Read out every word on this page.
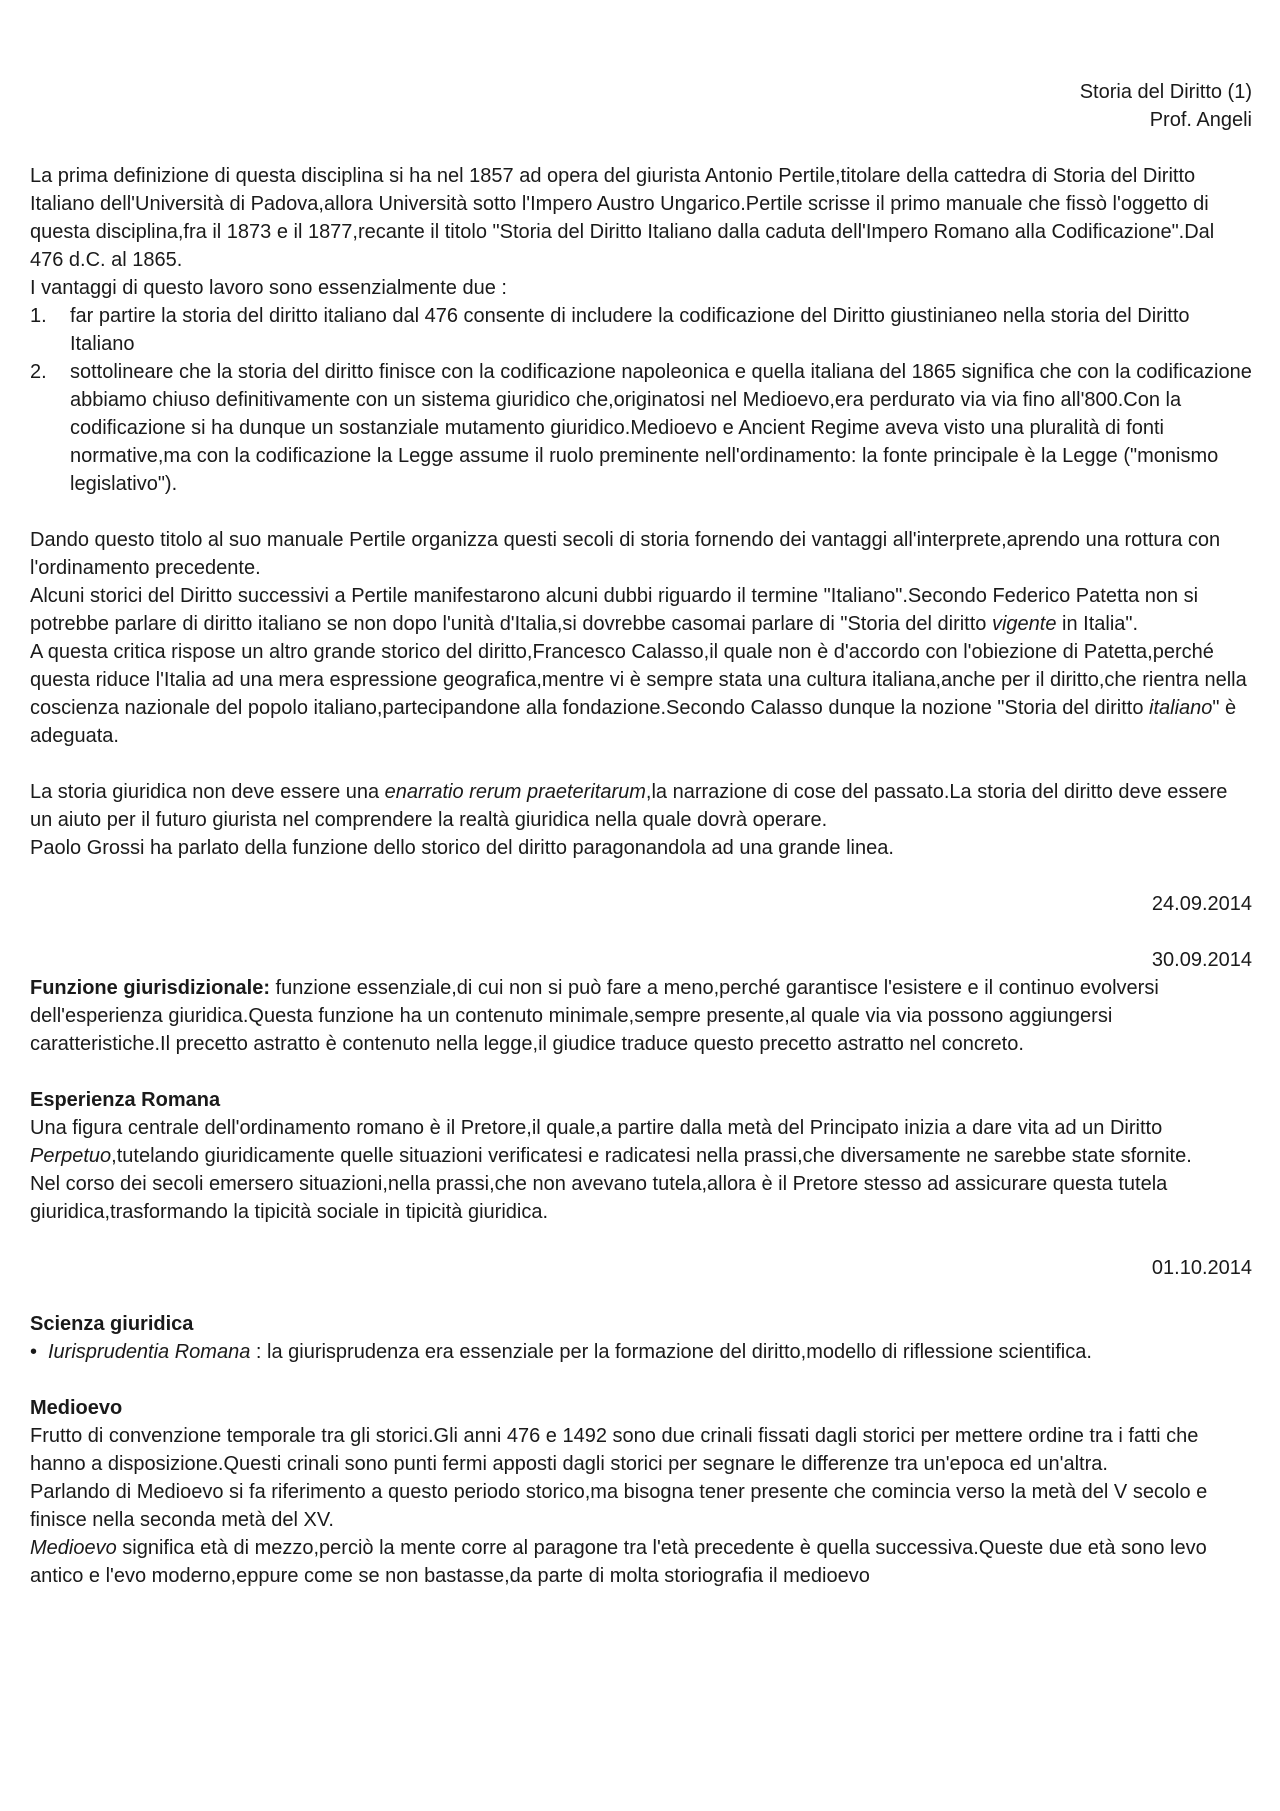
Storia del Diritto (1)

Prof. Angeli

La prima definizione di questa disciplina si ha nel 1857 ad opera del giurista Antonio Pertile,titolare della cattedra di Storia del Diritto Italiano dell'Università di Padova,allora Università sotto l'Impero Austro Ungarico.Pertile scrisse il primo manuale che fissò l'oggetto di questa disciplina,fra il 1873 e il 1877,recante il titolo "Storia del Diritto Italiano dalla caduta dell'Impero Romano alla Codificazione".Dal 476 d.C. al 1865.

I vantaggi di questo lavoro sono essenzialmente due :

1. far partire la storia del diritto italiano dal 476 consente di includere la codificazione del Diritto giustinianeo nella storia del Diritto Italiano
2. sottolineare che la storia del diritto finisce con la codificazione napoleonica e quella italiana del 1865 significa che con la codificazione abbiamo chiuso definitivamente con un sistema giuridico che,originatosi nel Medioevo,era perdurato via via fino all'800.Con la codificazione si ha dunque un sostanziale mutamento giuridico.Medioevo e Ancient Regime aveva visto una pluralità di fonti normative,ma con la codificazione la Legge assume il ruolo preminente nell'ordinamento: la fonte principale è la Legge ("monismo legislativo").

Dando questo titolo al suo manuale Pertile organizza questi secoli di storia fornendo dei vantaggi all'interprete,aprendo una rottura con l'ordinamento precedente.

Alcuni storici del Diritto successivi a Pertile manifestarono alcuni dubbi riguardo il termine "Italiano".Secondo Federico Patetta non si potrebbe parlare di diritto italiano se non dopo l'unità d'Italia,si dovrebbe casomai parlare di "Storia del diritto vigente in Italia".

A questa critica rispose un altro grande storico del diritto,Francesco Calasso,il quale non è d'accordo con l'obiezione di Patetta,perché questa riduce l'Italia ad una mera espressione geografica,mentre vi è sempre stata una cultura italiana,anche per il diritto,che rientra nella coscienza nazionale del popolo italiano,partecipandone alla fondazione.Secondo Calasso dunque la nozione "Storia del diritto italiano" è adeguata.

La storia giuridica non deve essere una enarratio rerum praeteritarum,la narrazione di cose del passato.La storia del diritto deve essere un aiuto per il futuro giurista nel comprendere la realtà giuridica nella quale dovrà operare.

Paolo Grossi ha parlato della funzione dello storico del diritto paragonandola ad una grande linea.

24.09.2014

30.09.2014

Funzione giurisdizionale: funzione essenziale,di cui non si può fare a meno,perché garantisce l'esistere e il continuo evolversi dell'esperienza giuridica.Questa funzione ha un contenuto minimale,sempre presente,al quale via via possono aggiungersi caratteristiche.Il precetto astratto è contenuto nella legge,il giudice traduce questo precetto astratto nel concreto.

Esperienza Romana

Una figura centrale dell'ordinamento romano è il Pretore,il quale,a partire dalla metà del Principato inizia a dare vita ad un Diritto Perpetuo,tutelando giuridicamente quelle situazioni verificatesi e radicatesi nella prassi,che diversamente ne sarebbe state sfornite.

Nel corso dei secoli emersero situazioni,nella prassi,che non avevano tutela,allora è il Pretore stesso ad assicurare questa tutela giuridica,trasformando la tipicità sociale in tipicità giuridica.

01.10.2014

Scienza giuridica

• Iurisprudentia Romana : la giurisprudenza era essenziale per la formazione del diritto,modello di riflessione scientifica.

Medioevo

Frutto di convenzione temporale tra gli storici.Gli anni 476 e 1492 sono due crinali fissati dagli storici per mettere ordine tra i fatti che hanno a disposizione.Questi crinali sono punti fermi apposti dagli storici per segnare le differenze tra un'epoca ed un'altra.

Parlando di Medioevo si fa riferimento a questo periodo storico,ma bisogna tener presente che comincia verso la metà del V secolo e finisce nella seconda metà del XV.

Medioevo significa età di mezzo,perciò la mente corre al paragone tra l'età precedente è quella successiva.Queste due età sono levo antico e l'evo moderno,eppure come se non bastasse,da parte di molta storiografia il medioevo
